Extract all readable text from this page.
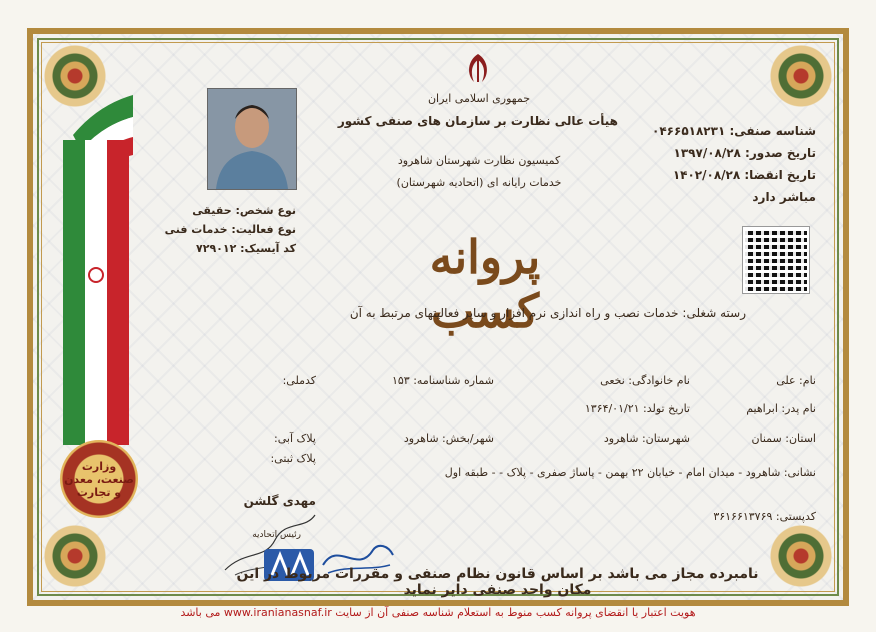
وزارت
صنعت، معدن
و تجارت
نوع شخص: حقیقی
نوع فعالیت: خدمات فنی
کد آیسیک: ۷۲۹۰۱۲
جمهوری اسلامی ایران
هیأت عالی نظارت بر سازمان های صنفی کشور
کمیسیون نظارت شهرستان شاهرود
خدمات رایانه ای (اتحادیه شهرستان)
شناسه صنفی: ۰۴۶۶۵۱۸۲۳۱
تاریخ صدور: ۱۳۹۷/۰۸/۲۸
تاریخ انقضا: ۱۴۰۲/۰۸/۲۸
مباشر دارد
پروانه کسب
رسته شغلی: خدمات نصب و راه اندازی نرم افزار و سایر فعالیتهای مرتبط به آن
نام: علی
نام خانوادگی: نخعی
شماره شناسنامه: ۱۵۳
کدملی:
نام پدر: ابراهیم
تاریخ تولد: ۱۳۶۴/۰۱/۲۱
استان: سمنان
شهرستان: شاهرود
شهر/بخش: شاهرود
پلاک آبی:
پلاک ثبتی:
نشانی: شاهرود - میدان امام - خیابان ۲۲ بهمن - پاساژ صفری - پلاک - - طبقه اول
کدپستی: ۳۶۱۶۶۱۳۷۶۹
مهدی گلشن
رئیس اتحادیه
نامبرده مجاز می باشد بر اساس قانون نظام صنفی و مقررات مربوط در این مکان واحد صنفی دایر نماید
هویت اعتبار یا انقضای پروانه کسب منوط به استعلام شناسه صنفی آن از سایت www.iranianasnaf.ir می باشد
